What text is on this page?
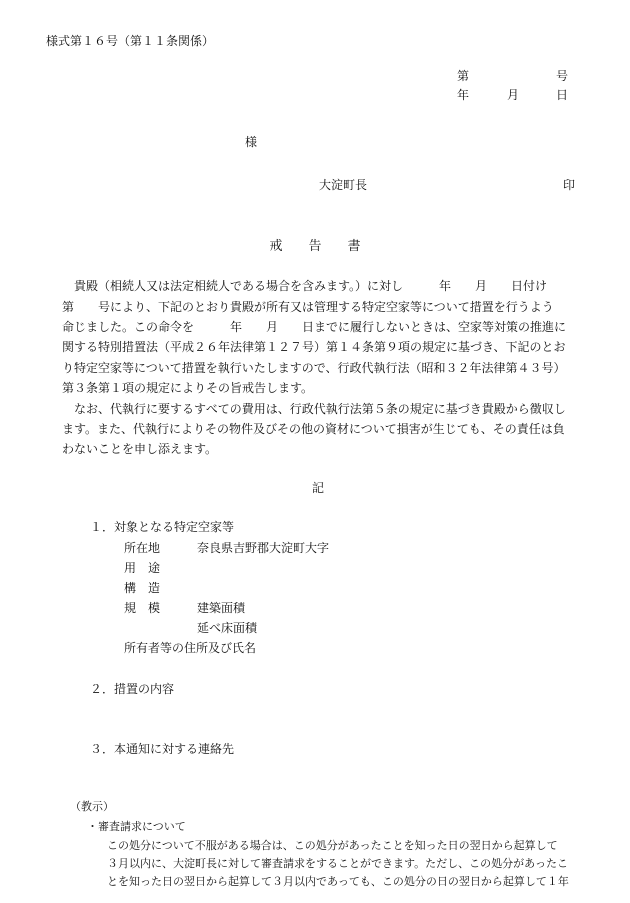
様式第１６号（第１１条関係）
第	号
年	月	日
様
大淀町長	印
戒　　告　　書
　貴殿（相続人又は法定相続人である場合を含みます。）に対し　　　年　　月　　日付け
第　　号により、下記のとおり貴殿が所有又は管理する特定空家等について措置を行うよう
命じました。この命令を　　　年　　月　　日までに履行しないときは、空家等対策の推進に
関する特別措置法（平成２６年法律第１２７号）第１４条第９項の規定に基づき、下記のとお
り特定空家等について措置を執行いたしますので、行政代執行法（昭和３２年法律第４３号）
第３条第１項の規定によりその旨戒告します。
　なお、代執行に要するすべての費用は、行政代執行法第５条の規定に基づき貴殿から徴収し
ます。また、代執行によりその物件及びその他の資材について損害が生じても、その責任は負
わないことを申し添えます。
記
１．対象となる特定空家等
所在地	奈良県吉野郡大淀町大字
用　途
構　造
規　模	建築面積
延べ床面積
所有者等の住所及び氏名
２．措置の内容
３．本通知に対する連絡先
（教示）
・審査請求について
この処分について不服がある場合は、この処分があったことを知った日の翌日から起算して
３月以内に、大淀町長に対して審査請求をすることができます。ただし、この処分があったこ
とを知った日の翌日から起算して３月以内であっても、この処分の日の翌日から起算して１年
